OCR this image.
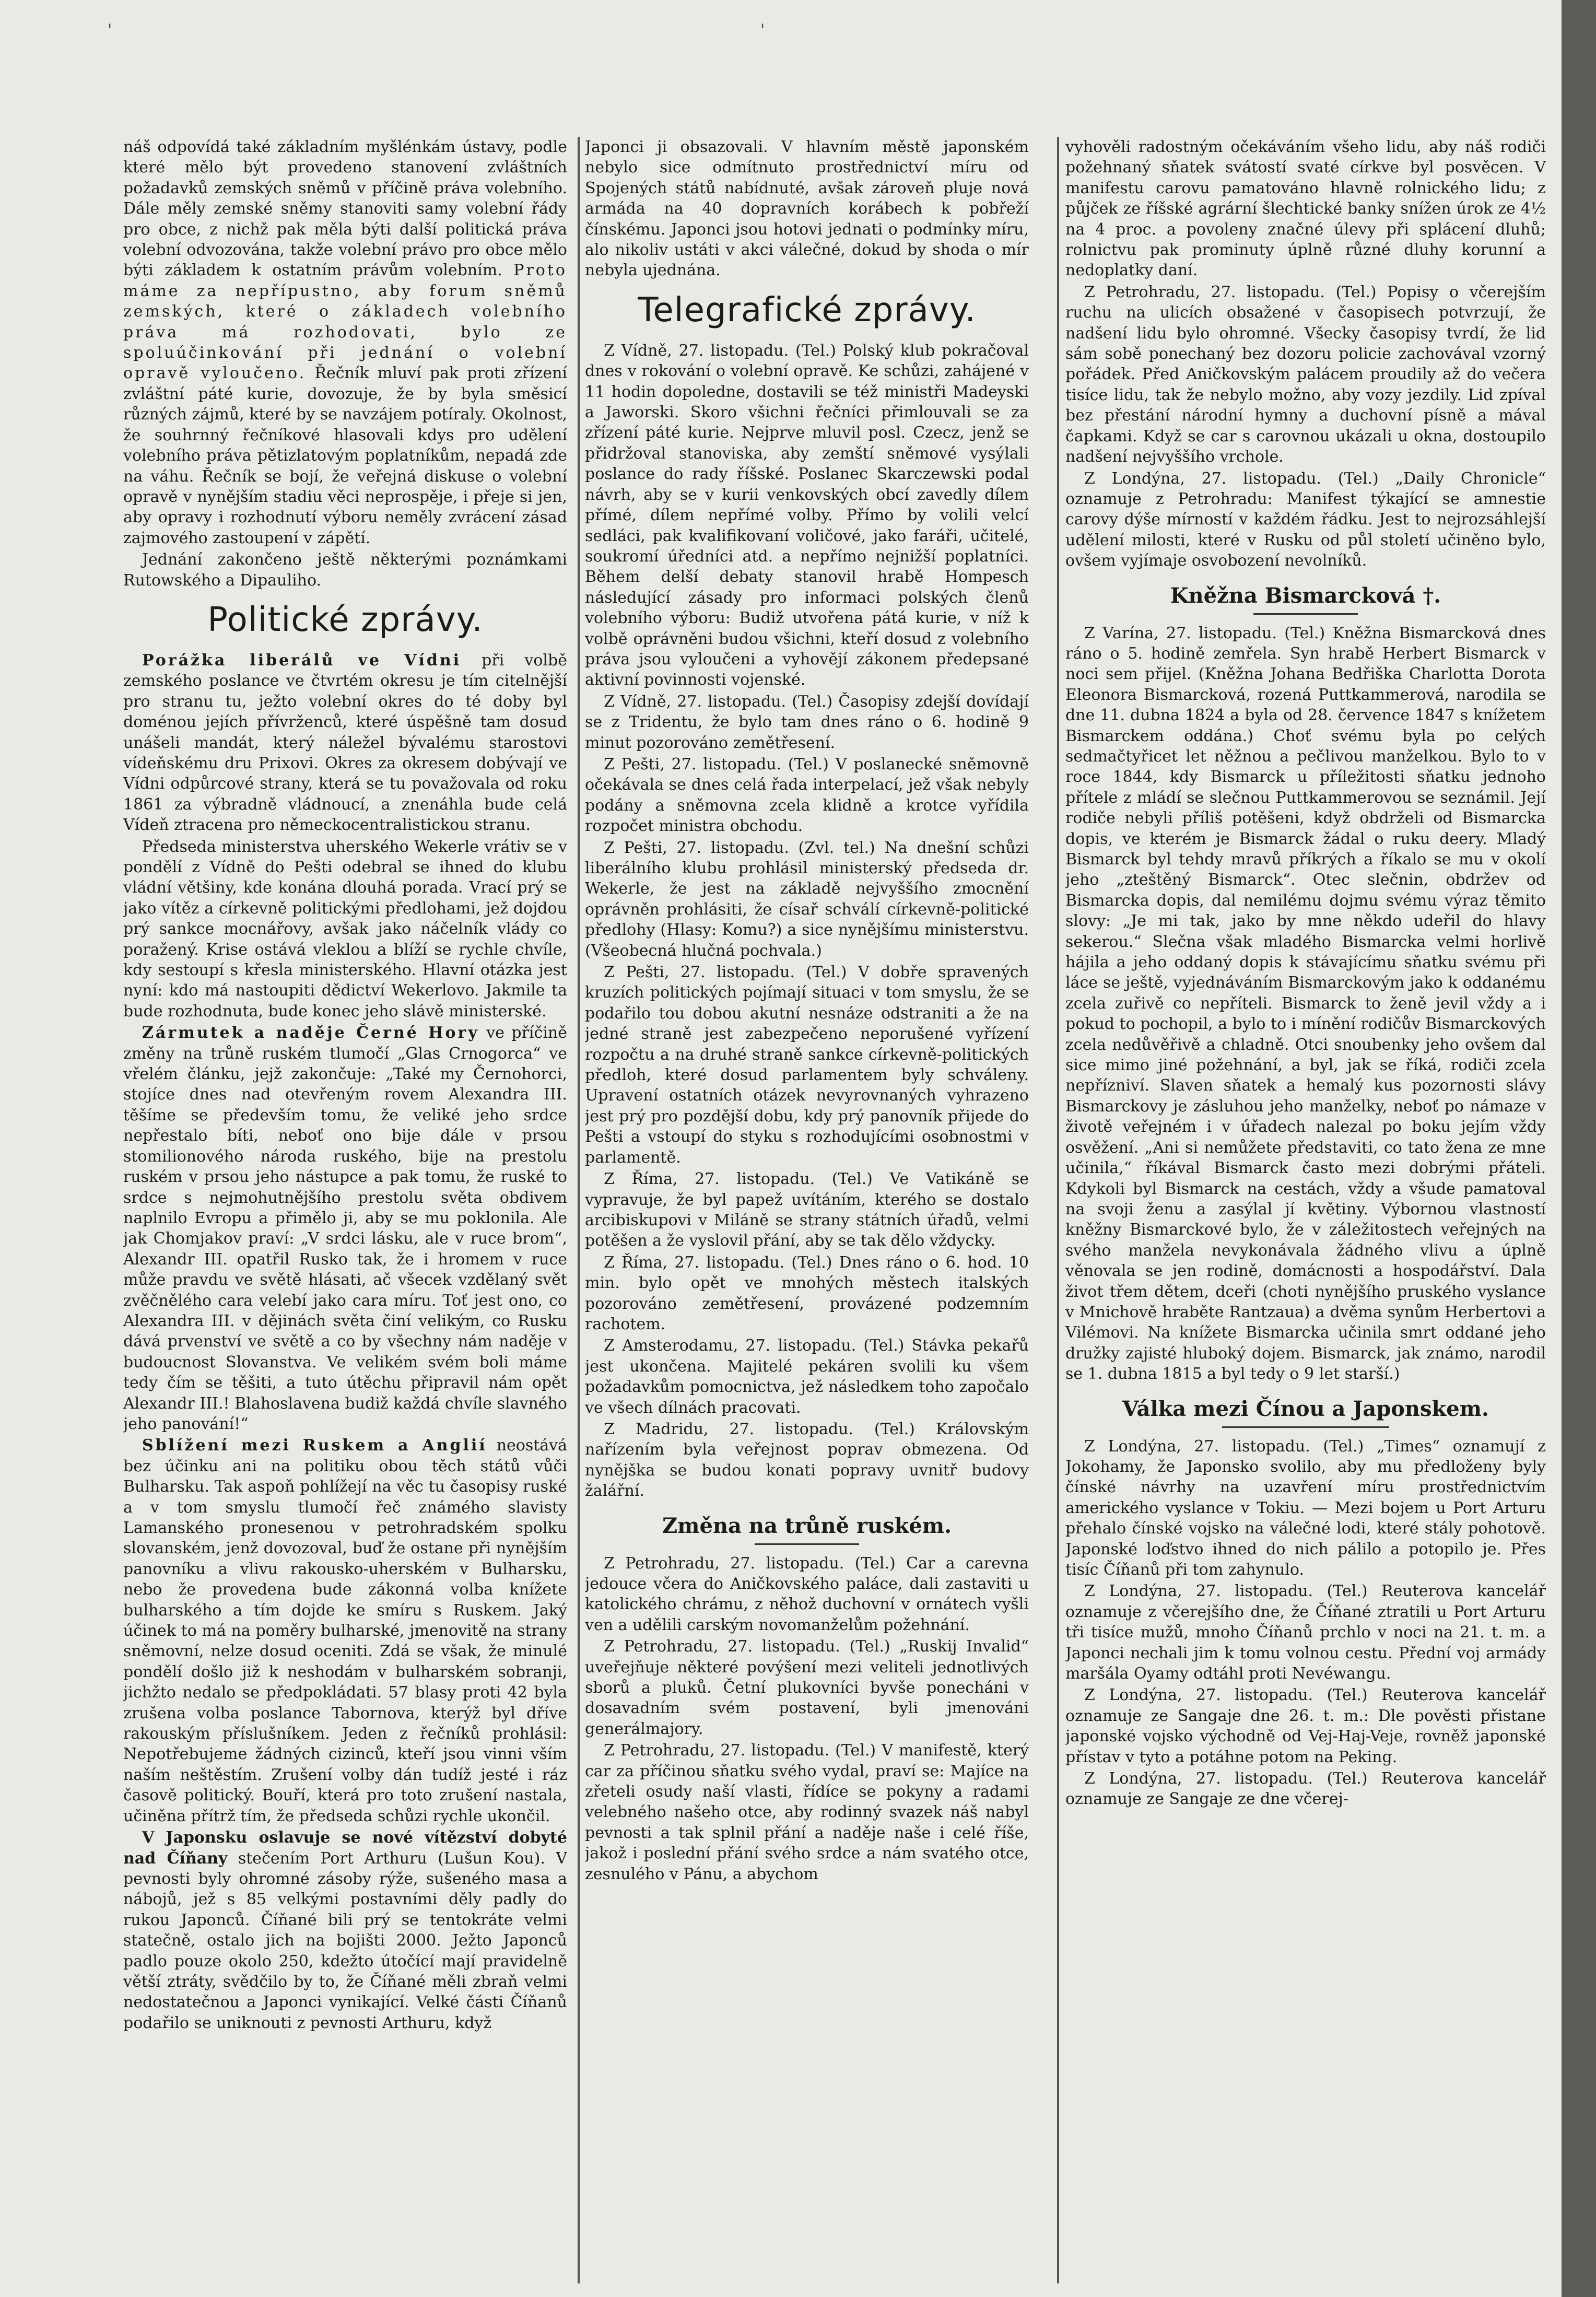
'	'

náš odpovídá také základním myšlénkám ústavy, podle které mělo být provedeno stanovení zvláštních požadavků zemských sněmů v příčině práva volebního. Dále měly zemské sněmy stanoviti samy volební řády pro obce, z nichž pak měla býti další politická práva volební odvozována, takže volební právo pro obce mělo býti základem k ostatním právům volebním. Proto máme za nepřípustno, aby forum sněmů zemských, které o základech volebního práva má rozhodovati, bylo ze spoluúčinkování při jednání o volební opravě vyloučeno. Řečník mluví pak proti zřízení zvláštní páté kurie, dovozuje, že by byla směsicí různých zájmů, které by se navzájem potíraly. Okolnost, že souhrnný řečníkové hlasovali kdys pro udělení volebního práva pětizlatovým poplatníkům, nepadá zde na váhu. Řečník se bojí, že veřejná diskuse o volební opravě v nynějším stadiu věci neprospěje, i přeje si jen, aby opravy i rozhodnutí výboru neměly zvrácení zásad zajmového zastoupení v zápětí.

Jednání zakončeno ještě některými poznámkami Rutowského a Dipauliho.

Politické zprávy.

Porážka liberálů ve Vídni při volbě zemského poslance ve čtvrtém okresu je tím citelnější pro stranu tu, ježto volební okres do té doby byl doménou jejích přívrženců, které úspěšně tam dosud unášeli mandát, který náležel bývalému starostovi vídeňskému dru Prixovi. Okres za okresem dobývají ve Vídni odpůrcové strany, která se tu považovala od roku 1861 za výbradně vládnoucí, a znenáhla bude celá Vídeň ztracena pro německocentralistickou stranu.

Předseda ministerstva uherského Wekerle vrátiv se v pondělí z Vídně do Pešti odebral se ihned do klubu vládní většiny, kde konána dlouhá porada. Vrací prý se jako vítěz a církevně politickými předlohami, jež dojdou prý sankce mocnářovy, avšak jako náčelník vlády co poražený. Krise ostává vleklou a blíží se rychle chvíle, kdy sestoupí s křesla ministerského. Hlavní otázka jest nyní: kdo má nastoupiti dědictví Wekerlovo. Jakmile ta bude rozhodnuta, bude konec jeho slávě ministerské.

Zármutek a naděje Černé Hory ve příčině změny na trůně ruském tlumočí „Glas Crnogorca“ ve vřelém článku, jejž zakončuje: „Také my Černohorci, stojíce dnes nad otevřeným rovem Alexandra III. těšíme se především tomu, že veliké jeho srdce nepřestalo bíti, neboť ono bije dále v prsou stomilionového národa ruského, bije na prestolu ruském v prsou jeho nástupce a pak tomu, že ruské to srdce s nejmohutnějšího prestolu světa obdivem naplnilo Evropu a přimělo ji, aby se mu poklonila. Ale jak Chomjakov praví: „V srdci lásku, ale v ruce brom“, Alexandr III. opatřil Rusko tak, že i hromem v ruce může pravdu ve světě hlásati, ač všecek vzdělaný svět zvěčnělého cara velebí jako cara míru. Toť jest ono, co Alexandra III. v dějinách světa činí velikým, co Rusku dává prvenství ve světě a co by všechny nám naděje v budoucnost Slovanstva. Ve velikém svém boli máme tedy čím se těšiti, a tuto útěchu připravil nám opět Alexandr III.! Blahoslavena budiž každá chvíle slavného jeho panování!“

Sblížení mezi Ruskem a Anglií neostává bez účinku ani na politiku obou těch států vůči Bulharsku. Tak aspoň pohlížejí na věc tu časopisy ruské a v tom smyslu tlumočí řeč známého slavisty Lamanského pronesenou v petrohradském spolku slovanském, jenž dovozoval, buď že ostane při nynějším panovníku a vlivu rakousko-uherském v Bulharsku, nebo že provedena bude zákonná volba knížete bulharského a tím dojde ke smíru s Ruskem. Jaký účinek to má na poměry bulharské, jmenovitě na strany sněmovní, nelze dosud oceniti. Zdá se však, že minulé pondělí došlo již k neshodám v bulharském sobranji, jichžto nedalo se předpokládati. 57 blasy proti 42 byla zrušena volba poslance Tabornova, kterýž byl dříve rakouským příslušníkem. Jeden z řečníků prohlásil: Nepotřebujeme žádných cizinců, kteří jsou vinni vším naším neštěstím. Zrušení volby dán tudíž jesté i ráz časově politický. Bouří, která pro toto zrušení nastala, učiněna přítrž tím, že předseda schůzi rychle ukončil.

V Japonsku oslavuje se nové vítězství dobyté nad Číňany stečením Port Arthuru (Lušun Kou). V pevnosti byly ohromné zásoby rýže, sušeného masa a nábojů, jež s 85 velkými postavními děly padly do rukou Japonců. Číňané bili prý se tentokráte velmi statečně, ostalo jich na bojišti 2000. Ježto Japonců padlo pouze okolo 250, kdežto útočící mají pravidelně větší ztráty, svědčilo by to, že Číňané měli zbraň velmi nedostatečnou a Japonci vynikající. Velké části Číňanů podařilo se uniknouti z pevnosti Arthuru, když

Japonci ji obsazovali. V hlavním městě japonském nebylo sice odmítnuto prostřednictví míru od Spojených států nabídnuté, avšak zároveň pluje nová armáda na 40 dopravních korábech k pobřeží čínskému. Japonci jsou hotovi jednati o podmínky míru, alo nikoliv ustáti v akci válečné, dokud by shoda o mír nebyla ujednána.

Telegrafické zprávy.

Z Vídně, 27. listopadu. (Tel.) Polský klub pokračoval dnes v rokování o volební opravě. Ke schůzi, zahájené v 11 hodin dopoledne, dostavili se též ministři Madeyski a Jaworski. Skoro všichni řečníci přimlouvali se za zřízení páté kurie. Nejprve mluvil posl. Czecz, jenž se přidržoval stanoviska, aby zemští sněmové vysýlali poslance do rady říšské. Poslanec Skarczewski podal návrh, aby se v kurii venkovských obcí zavedly dílem přímé, dílem nepřímé volby. Přímo by volili velcí sedláci, pak kvalifikovaní voličové, jako faráři, učitelé, soukromí úředníci atd. a nepřímo nejnižší poplatníci. Během delší debaty stanovil hrabě Hompesch následující zásady pro informaci polských členů volebního výboru: Budiž utvořena pátá kurie, v níž k volbě oprávněni budou všichni, kteří dosud z volebního práva jsou vyloučeni a vyhovějí zákonem předepsané aktivní povinnosti vojenské.

Z Vídně, 27. listopadu. (Tel.) Časopisy zdejší dovídají se z Tridentu, že bylo tam dnes ráno o 6. hodině 9 minut pozorováno zemětřesení.

Z Pešti, 27. listopadu. (Tel.) V poslanecké sněmovně očekávala se dnes celá řada interpelací, jež však nebyly podány a sněmovna zcela klidně a krotce vyřídila rozpočet ministra obchodu.

Z Pešti, 27. listopadu. (Zvl. tel.) Na dnešní schůzi liberálního klubu prohlásil ministerský předseda dr. Wekerle, že jest na základě nejvyššího zmocnění oprávněn prohlásiti, že císař schválí církevně-politické předlohy (Hlasy: Komu?) a sice nynějšímu ministerstvu. (Všeobecná hlučná pochvala.)

Z Pešti, 27. listopadu. (Tel.) V dobře spravených kruzích politických pojímají situaci v tom smyslu, že se podařilo tou dobou akutní nesnáze odstraniti a že na jedné straně jest zabezpečeno neporušené vyřízení rozpočtu a na druhé straně sankce církevně-politických předloh, které dosud parlamentem byly schváleny. Upravení ostatních otázek nevyrovnaných vyhrazeno jest prý pro pozdější dobu, kdy prý panovník přijede do Pešti a vstoupí do styku s rozhodujícími osobnostmi v parlamentě.

Z Říma, 27. listopadu. (Tel.) Ve Vatikáně se vypravuje, že byl papež uvítáním, kterého se dostalo arcibiskupovi v Miláně se strany státních úřadů, velmi potěšen a že vyslovil přání, aby se tak dělo vždycky.

Z Říma, 27. listopadu. (Tel.) Dnes ráno o 6. hod. 10 min. bylo opět ve mnohých městech italských pozorováno zemětřesení, provázené podzemním rachotem.

Z Amsterodamu, 27. listopadu. (Tel.) Stávka pekařů jest ukončena. Majitelé pekáren svolili ku všem požadavkům pomocnictva, jež následkem toho započalo ve všech dílnách pracovati.

Z Madridu, 27. listopadu. (Tel.) Královským nařízením byla veřejnost poprav obmezena. Od nynějška se budou konati popravy uvnitř budovy žalářní.

Změna na trůně ruském.

Z Petrohradu, 27. listopadu. (Tel.) Car a carevna jedouce včera do Aničkovského paláce, dali zastaviti u katolického chrámu, z něhož duchovní v ornátech vyšli ven a udělili carským novomanželům požehnání.

Z Petrohradu, 27. listopadu. (Tel.) „Ruskij Invalid“ uveřejňuje některé povýšení mezi veliteli jednotlivých sborů a pluků. Četní plukovníci byvše ponecháni v dosavadním svém postavení, byli jmenováni generálmajory.

Z Petrohradu, 27. listopadu. (Tel.) V manifestě, který car za příčinou sňatku svého vydal, praví se: Majíce na zřeteli osudy naší vlasti, řídíce se pokyny a radami velebného našeho otce, aby rodinný svazek náš nabyl pevnosti a tak splnil přání a naděje naše i celé říše, jakož i poslední přání svého srdce a nám svatého otce, zesnulého v Pánu, a abychom

vyhověli radostným očekáváním všeho lidu, aby náš rodiči požehnaný sňatek svátostí svaté církve byl posvěcen. V manifestu carovu pamatováno hlavně rolnického lidu; z půjček ze říšské agrární šlechtické banky snížen úrok ze 4½ na 4 proc. a povoleny značné úlevy při splácení dluhů; rolnictvu pak prominuty úplně různé dluhy korunní a nedoplatky daní.

Z Petrohradu, 27. listopadu. (Tel.) Popisy o včerejším ruchu na ulicích obsažené v časopisech potvrzují, že nadšení lidu bylo ohromné. Všecky časopisy tvrdí, že lid sám sobě ponechaný bez dozoru policie zachovával vzorný pořádek. Před Aničkovským palácem proudily až do večera tisíce lidu, tak že nebylo možno, aby vozy jezdily. Lid zpíval bez přestání národní hymny a duchovní písně a mával čapkami. Když se car s carovnou ukázali u okna, dostoupilo nadšení nejvyššího vrchole.

Z Londýna, 27. listopadu. (Tel.) „Daily Chronicle“ oznamuje z Petrohradu: Manifest týkající se amnestie carovy dýše mírností v každém řádku. Jest to nejrozsáhlejší udělení milosti, které v Rusku od půl století učiněno bylo, ovšem vyjímaje osvobození nevolníků.

Kněžna Bismarcková †.

Z Varína, 27. listopadu. (Tel.) Kněžna Bismarcková dnes ráno o 5. hodině zemřela. Syn hrabě Herbert Bismarck v noci sem přijel. (Kněžna Johana Bedřiška Charlotta Dorota Eleonora Bismarcková, rozená Puttkammerová, narodila se dne 11. dubna 1824 a byla od 28. července 1847 s knížetem Bismarckem oddána.) Choť svému byla po celých sedmačtyřicet let něžnou a pečlivou manželkou. Bylo to v roce 1844, kdy Bismarck u příležitosti sňatku jednoho přítele z mládí se slečnou Puttkammerovou se seznámil. Její rodiče nebyli příliš potěšeni, když obdrželi od Bismarcka dopis, ve kterém je Bismarck žádal o ruku deery. Mladý Bismarck byl tehdy mravů příkrých a říkalo se mu v okolí jeho „zteštěný Bismarck“. Otec slečnin, obdržev od Bismarcka dopis, dal nemilému dojmu svému výraz těmito slovy: „Je mi tak, jako by mne někdo udeřil do hlavy sekerou.“ Slečna však mladého Bismarcka velmi horlivě hájila a jeho oddaný dopis k stávajícímu sňatku svému při láce se ještě, vyjednáváním Bismarckovým jako k oddanému zcela zuřivě co nepříteli. Bismarck to ženě jevil vždy a i pokud to pochopil, a bylo to i mínění rodičův Bismarckových zcela nedůvěřivě a chladně. Otci snoubenky jeho ovšem dal sice mimo jiné požehnání, a byl, jak se říká, rodiči zcela nepřízniví. Slaven sňatek a hemalý kus pozornosti slávy Bismarckovy je zásluhou jeho manželky, neboť po námaze v životě veřejném i v úřadech nalezal po boku jejím vždy osvěžení. „Ani si nemůžete představiti, co tato žena ze mne učinila,“ říkával Bismarck často mezi dobrými přáteli. Kdykoli byl Bismarck na cestách, vždy a všude pamatoval na svoji ženu a zasýlal jí květiny. Výbornou vlastností kněžny Bismarckové bylo, že v záležitostech veřejných na svého manžela nevykonávala žádného vlivu a úplně věnovala se jen rodině, domácnosti a hospodářství. Dala život třem dětem, dceři (choti nynějšího pruského vyslance v Mnichově hraběte Rantzaua) a dvěma synům Herbertovi a Vilémovi. Na knížete Bismarcka učinila smrt oddané jeho družky zajisté hluboký dojem. Bismarck, jak známo, narodil se 1. dubna 1815 a byl tedy o 9 let starší.)

Válka mezi Čínou a Japonskem.

Z Londýna, 27. listopadu. (Tel.) „Times“ oznamují z Jokohamy, že Japonsko svolilo, aby mu předloženy byly čínské návrhy na uzavření míru prostřednictvím amerického vyslance v Tokiu. — Mezi bojem u Port Arturu přehalo čínské vojsko na válečné lodi, které stály pohotově. Japonské loďstvo ihned do nich pálilo a potopilo je. Přes tisíc Číňanů při tom zahynulo.

Z Londýna, 27. listopadu. (Tel.) Reuterova kancelář oznamuje z včerejšího dne, že Číňané ztratili u Port Arturu tři tisíce mužů, mnoho Číňanů prchlo v noci na 21. t. m. a Japonci nechali jim k tomu volnou cestu. Přední voj armády maršála Oyamy odtáhl proti Nevéwangu.

Z Londýna, 27. listopadu. (Tel.) Reuterova kancelář oznamuje ze Sangaje dne 26. t. m.: Dle pověsti přistane japonské vojsko východně od Vej-Haj-Veje, rovněž japonské přístav v tyto a potáhne potom na Peking.

Z Londýna, 27. listopadu. (Tel.) Reuterova kancelář oznamuje ze Sangaje ze dne včerej-
